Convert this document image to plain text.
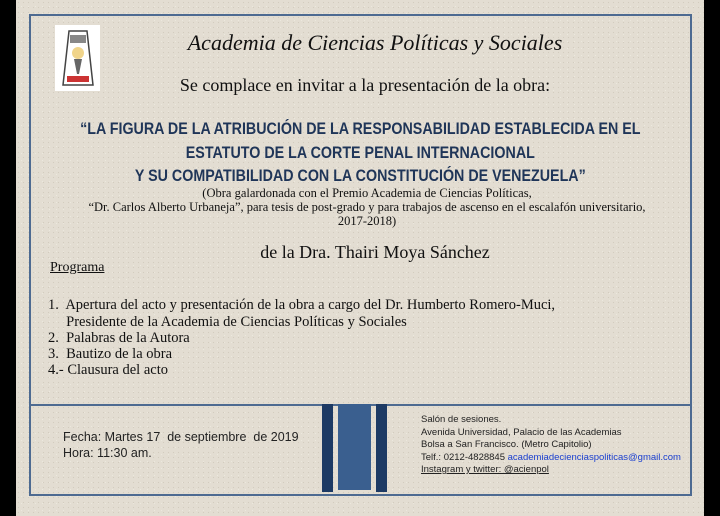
Academia de Ciencias Políticas y Sociales
Se complace en invitar a la presentación de la obra:
“LA FIGURA DE LA ATRIBUCIÓN DE LA RESPONSABILIDAD ESTABLECIDA EN EL
ESTATUTO DE LA CORTE PENAL INTERNACIONAL
Y SU COMPATIBILIDAD CON LA CONSTITUCIÓN DE VENEZUELA”
(Obra galardonada con el Premio Academia de Ciencias Políticas,
“Dr. Carlos Alberto Urbaneja”, para tesis de post-grado y para trabajos de ascenso en el escalafón universitario,
2017-2018)
de la Dra. Thairi Moya Sánchez
Programa
1.  Apertura del acto y presentación de la obra a cargo del Dr. Humberto Romero-Muci,
Presidente de la Academia de Ciencias Políticas y Sociales
2.  Palabras de la Autora
3.  Bautizo de la obra
4.- Clausura del acto
Fecha: Martes 17  de septiembre  de 2019
Hora: 11:30 am.
Salón de sesiones.
Avenida Universidad, Palacio de las Academias
Bolsa a San Francisco. (Metro Capitolio)
Telf.: 0212-4828845 academiadecienciaspoliticas@gmail.com
Instagram y twitter: @acienpol
